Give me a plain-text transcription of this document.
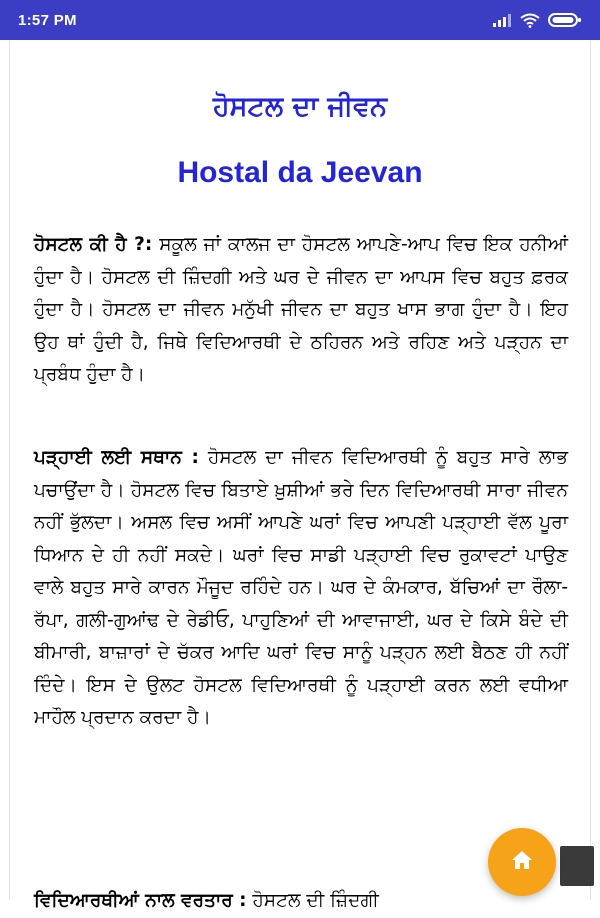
1:57 PM
ਹੋਸਟਲ ਦਾ ਜੀਵਨ
Hostal da Jeevan

ਹੋਸਟਲ ਕੀ ਹੈ ?: ਸਕੂਲ ਜਾਂ ਕਾਲਜ ਦਾ ਹੋਸਟਲ ਆਪਣੇ-ਆਪ ਵਿਚ ਇਕ ਹਨੀਆਂ ਹੁੰਦਾ ਹੈ। ਹੋਸਟਲ ਦੀ ਜ਼ਿੰਦਗੀ ਅਤੇ ਘਰ ਦੇ ਜੀਵਨ ਦਾ ਆਪਸ ਵਿਚ ਬਹੁਤ ਫ਼ਰਕ ਹੁੰਦਾ ਹੈ। ਹੋਸਟਲ ਦਾ ਜੀਵਨ ਮਨੁੱਖੀ ਜੀਵਨ ਦਾ ਬਹੁਤ ਖਾਸ ਭਾਗ ਹੁੰਦਾ ਹੈ। ਇਹ ਉਹ ਥਾਂ ਹੁੰਦੀ ਹੈ, ਜਿਥੇ ਵਿਦਿਆਰਥੀ ਦੇ ਠਹਿਰਨ ਅਤੇ ਰਹਿਣ ਅਤੇ ਪੜ੍ਹਨ ਦਾ ਪ੍ਰਬੰਧ ਹੁੰਦਾ ਹੈ।

ਪੜ੍ਹਾਈ ਲਈ ਸਥਾਨ : ਹੋਸਟਲ ਦਾ ਜੀਵਨ ਵਿਦਿਆਰਥੀ ਨੂੰ ਬਹੁਤ ਸਾਰੇ ਲਾਭ ਪਚਾਉਂਦਾ ਹੈ। ਹੋਸਟਲ ਵਿਚ ਬਿਤਾਏ ਖ਼ੁਸ਼ੀਆਂ ਭਰੇ ਦਿਨ ਵਿਦਿਆਰਥੀ ਸਾਰਾ ਜੀਵਨ ਨਹੀਂ ਭੁੱਲਦਾ। ਅਸਲ ਵਿਚ ਅਸੀਂ ਆਪਣੇ ਘਰਾਂ ਵਿਚ ਆਪਣੀ ਪੜ੍ਹਾਈ ਵੱਲ ਪੂਰਾ ਧਿਆਨ ਦੇ ਹੀ ਨਹੀਂ ਸਕਦੇ। ਘਰਾਂ ਵਿਚ ਸਾਡੀ ਪੜ੍ਹਾਈ ਵਿਚ ਰੁਕਾਵਟਾਂ ਪਾਉਣ ਵਾਲੇ ਬਹੁਤ ਸਾਰੇ ਕਾਰਨ ਮੌਜੂਦ ਰਹਿੰਦੇ ਹਨ। ਘਰ ਦੇ ਕੰਮਕਾਰ, ਬੱਚਿਆਂ ਦਾ ਰੌਲਾ-ਰੱਪਾ, ਗਲੀ-ਗੁਆਂਢ ਦੇ ਰੇਡੀਓ, ਪਾਹੁਣਿਆਂ ਦੀ ਆਵਾਜਾਈ, ਘਰ ਦੇ ਕਿਸੇ ਬੰਦੇ ਦੀ ਬੀਮਾਰੀ, ਬਾਜ਼ਾਰਾਂ ਦੇ ਚੱਕਰ ਆਦਿ ਘਰਾਂ ਵਿਚ ਸਾਨੂੰ ਪੜ੍ਹਨ ਲਈ ਬੈਠਣ ਹੀ ਨਹੀਂ ਦਿੰਦੇ। ਇਸ ਦੇ ਉਲਟ ਹੋਸਟਲ ਵਿਦਿਆਰਥੀ ਨੂੰ ਪੜ੍ਹਾਈ ਕਰਨ ਲਈ ਵਧੀਆ ਮਾਹੌਲ ਪ੍ਰਦਾਨ ਕਰਦਾ ਹੈ।

ਵਿਦਿਆਰਥੀਆਂ ਨਾਲ ਵਰਤਾਰ : ਹੋਸਟਲ ਦੀ ਜ਼ਿੰਦਗੀ
